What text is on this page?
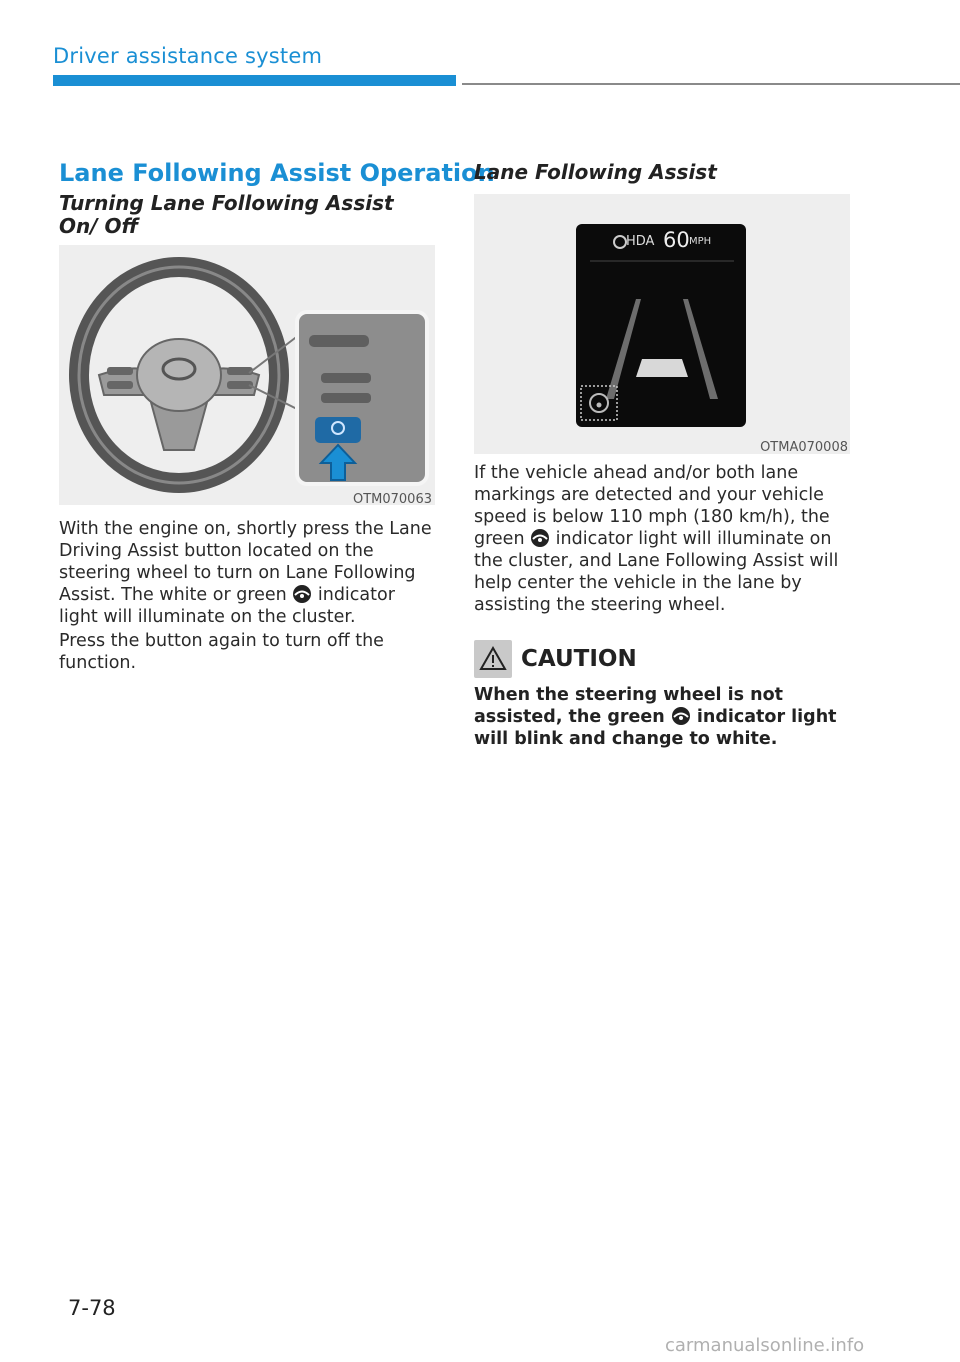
Driver assistance system
Lane Following Assist Operation
Turning Lane Following Assist On/ Off
OTM070063

With the engine on, shortly press the Lane Driving Assist button located on the steering wheel to turn on Lane Following Assist. The white or green  indicator light will illuminate on the cluster.

Press the button again to turn off the function.

Lane Following Assist
HDA 60 MPH
OTMA070008

If the vehicle ahead and/or both lane markings are detected and your vehicle speed is below 110 mph (180 km/h), the green  indicator light will illuminate on the cluster, and Lane Following Assist will help center the vehicle in the lane by assisting the steering wheel.

CAUTION

When the steering wheel is not assisted, the green  indicator light will blink and change to white.

7-78
carmanualsonline.info
